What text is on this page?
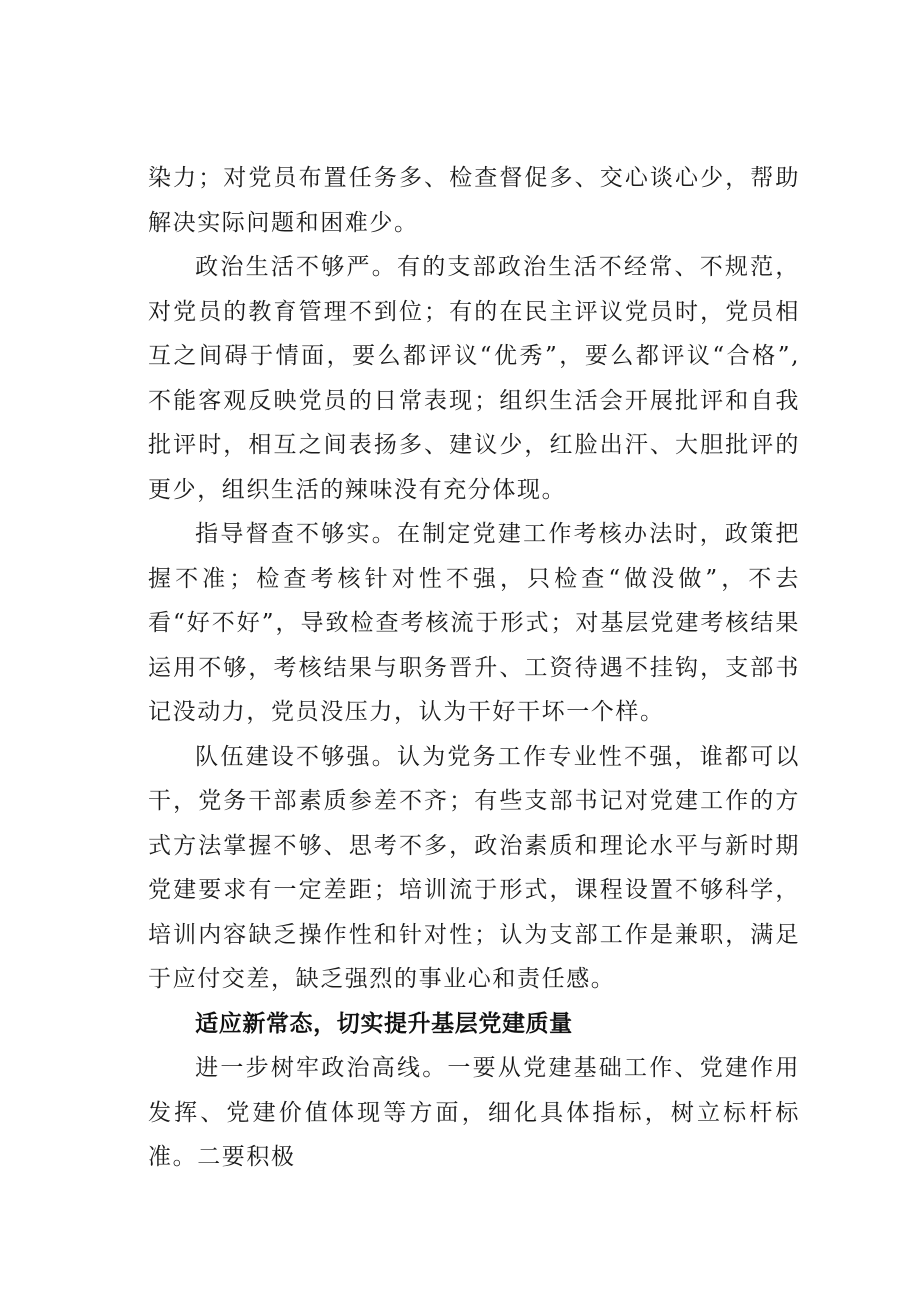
染力；对党员布置任务多、检查督促多、交心谈心少，帮助解决实际问题和困难少。

政治生活不够严。有的支部政治生活不经常、不规范，对党员的教育管理不到位；有的在民主评议党员时，党员相互之间碍于情面，要么都评议“优秀”，要么都评议“合格”,不能客观反映党员的日常表现；组织生活会开展批评和自我批评时，相互之间表扬多、建议少，红脸出汗、大胆批评的更少，组织生活的辣味没有充分体现。

指导督查不够实。在制定党建工作考核办法时，政策把握不准；检查考核针对性不强，只检查“做没做”，不去看“好不好”，导致检查考核流于形式；对基层党建考核结果运用不够，考核结果与职务晋升、工资待遇不挂钩，支部书记没动力，党员没压力，认为干好干坏一个样。

队伍建设不够强。认为党务工作专业性不强，谁都可以干，党务干部素质参差不齐；有些支部书记对党建工作的方式方法掌握不够、思考不多，政治素质和理论水平与新时期党建要求有一定差距；培训流于形式，课程设置不够科学，培训内容缺乏操作性和针对性；认为支部工作是兼职，满足于应付交差，缺乏强烈的事业心和责任感。

适应新常态，切实提升基层党建质量

进一步树牢政治高线。一要从党建基础工作、党建作用发挥、党建价值体现等方面，细化具体指标，树立标杆标准。二要积极
